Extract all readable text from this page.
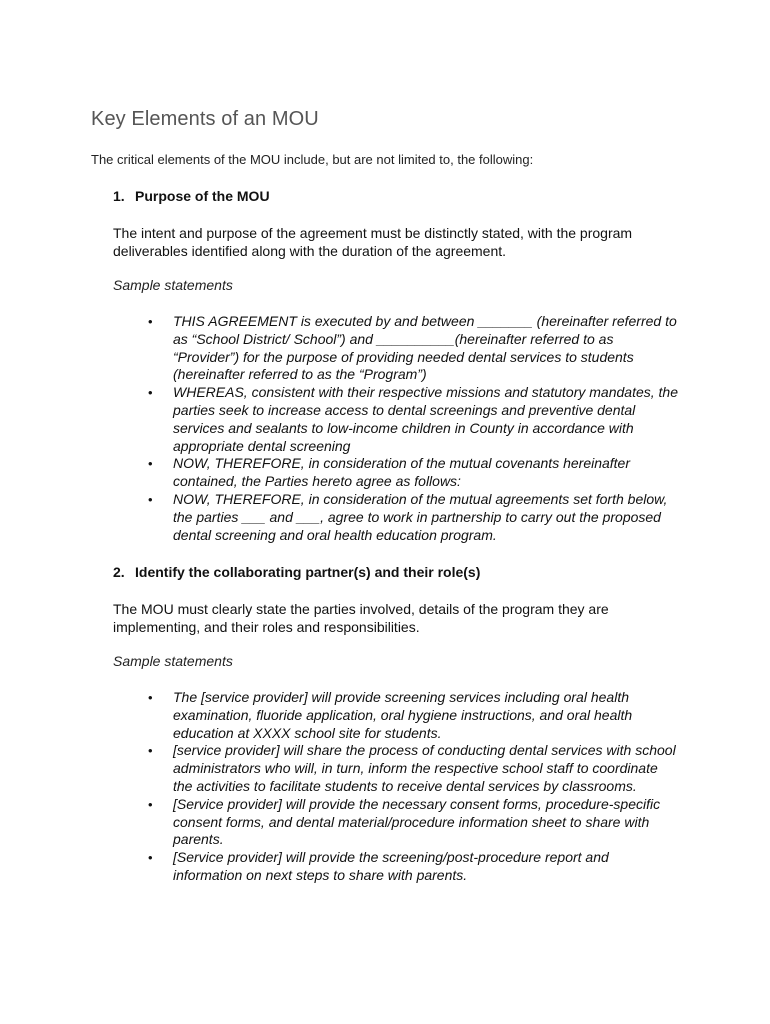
Key Elements of an MOU

The critical elements of the MOU include, but are not limited to, the following:

1. Purpose of the MOU

The intent and purpose of the agreement must be distinctly stated, with the program deliverables identified along with the duration of the agreement.

Sample statements

• THIS AGREEMENT is executed by and between _______ (hereinafter referred to as “School District/ School”) and __________(hereinafter referred to as “Provider”) for the purpose of providing needed dental services to students (hereinafter referred to as the “Program”)
• WHEREAS, consistent with their respective missions and statutory mandates, the parties seek to increase access to dental screenings and preventive dental services and sealants to low-income children in County in accordance with appropriate dental screening
• NOW, THEREFORE, in consideration of the mutual covenants hereinafter contained, the Parties hereto agree as follows:
• NOW, THEREFORE, in consideration of the mutual agreements set forth below, the parties ___ and ___, agree to work in partnership to carry out the proposed dental screening and oral health education program.
2. Identify the collaborating partner(s) and their role(s)

The MOU must clearly state the parties involved, details of the program they are implementing, and their roles and responsibilities.

Sample statements

• The [service provider] will provide screening services including oral health examination, fluoride application, oral hygiene instructions, and oral health education at XXXX school site for students.
• [service provider] will share the process of conducting dental services with school administrators who will, in turn, inform the respective school staff to coordinate the activities to facilitate students to receive dental services by classrooms.
• [Service provider] will provide the necessary consent forms, procedure-specific consent forms, and dental material/procedure information sheet to share with parents.
• [Service provider] will provide the screening/post-procedure report and information on next steps to share with parents.
